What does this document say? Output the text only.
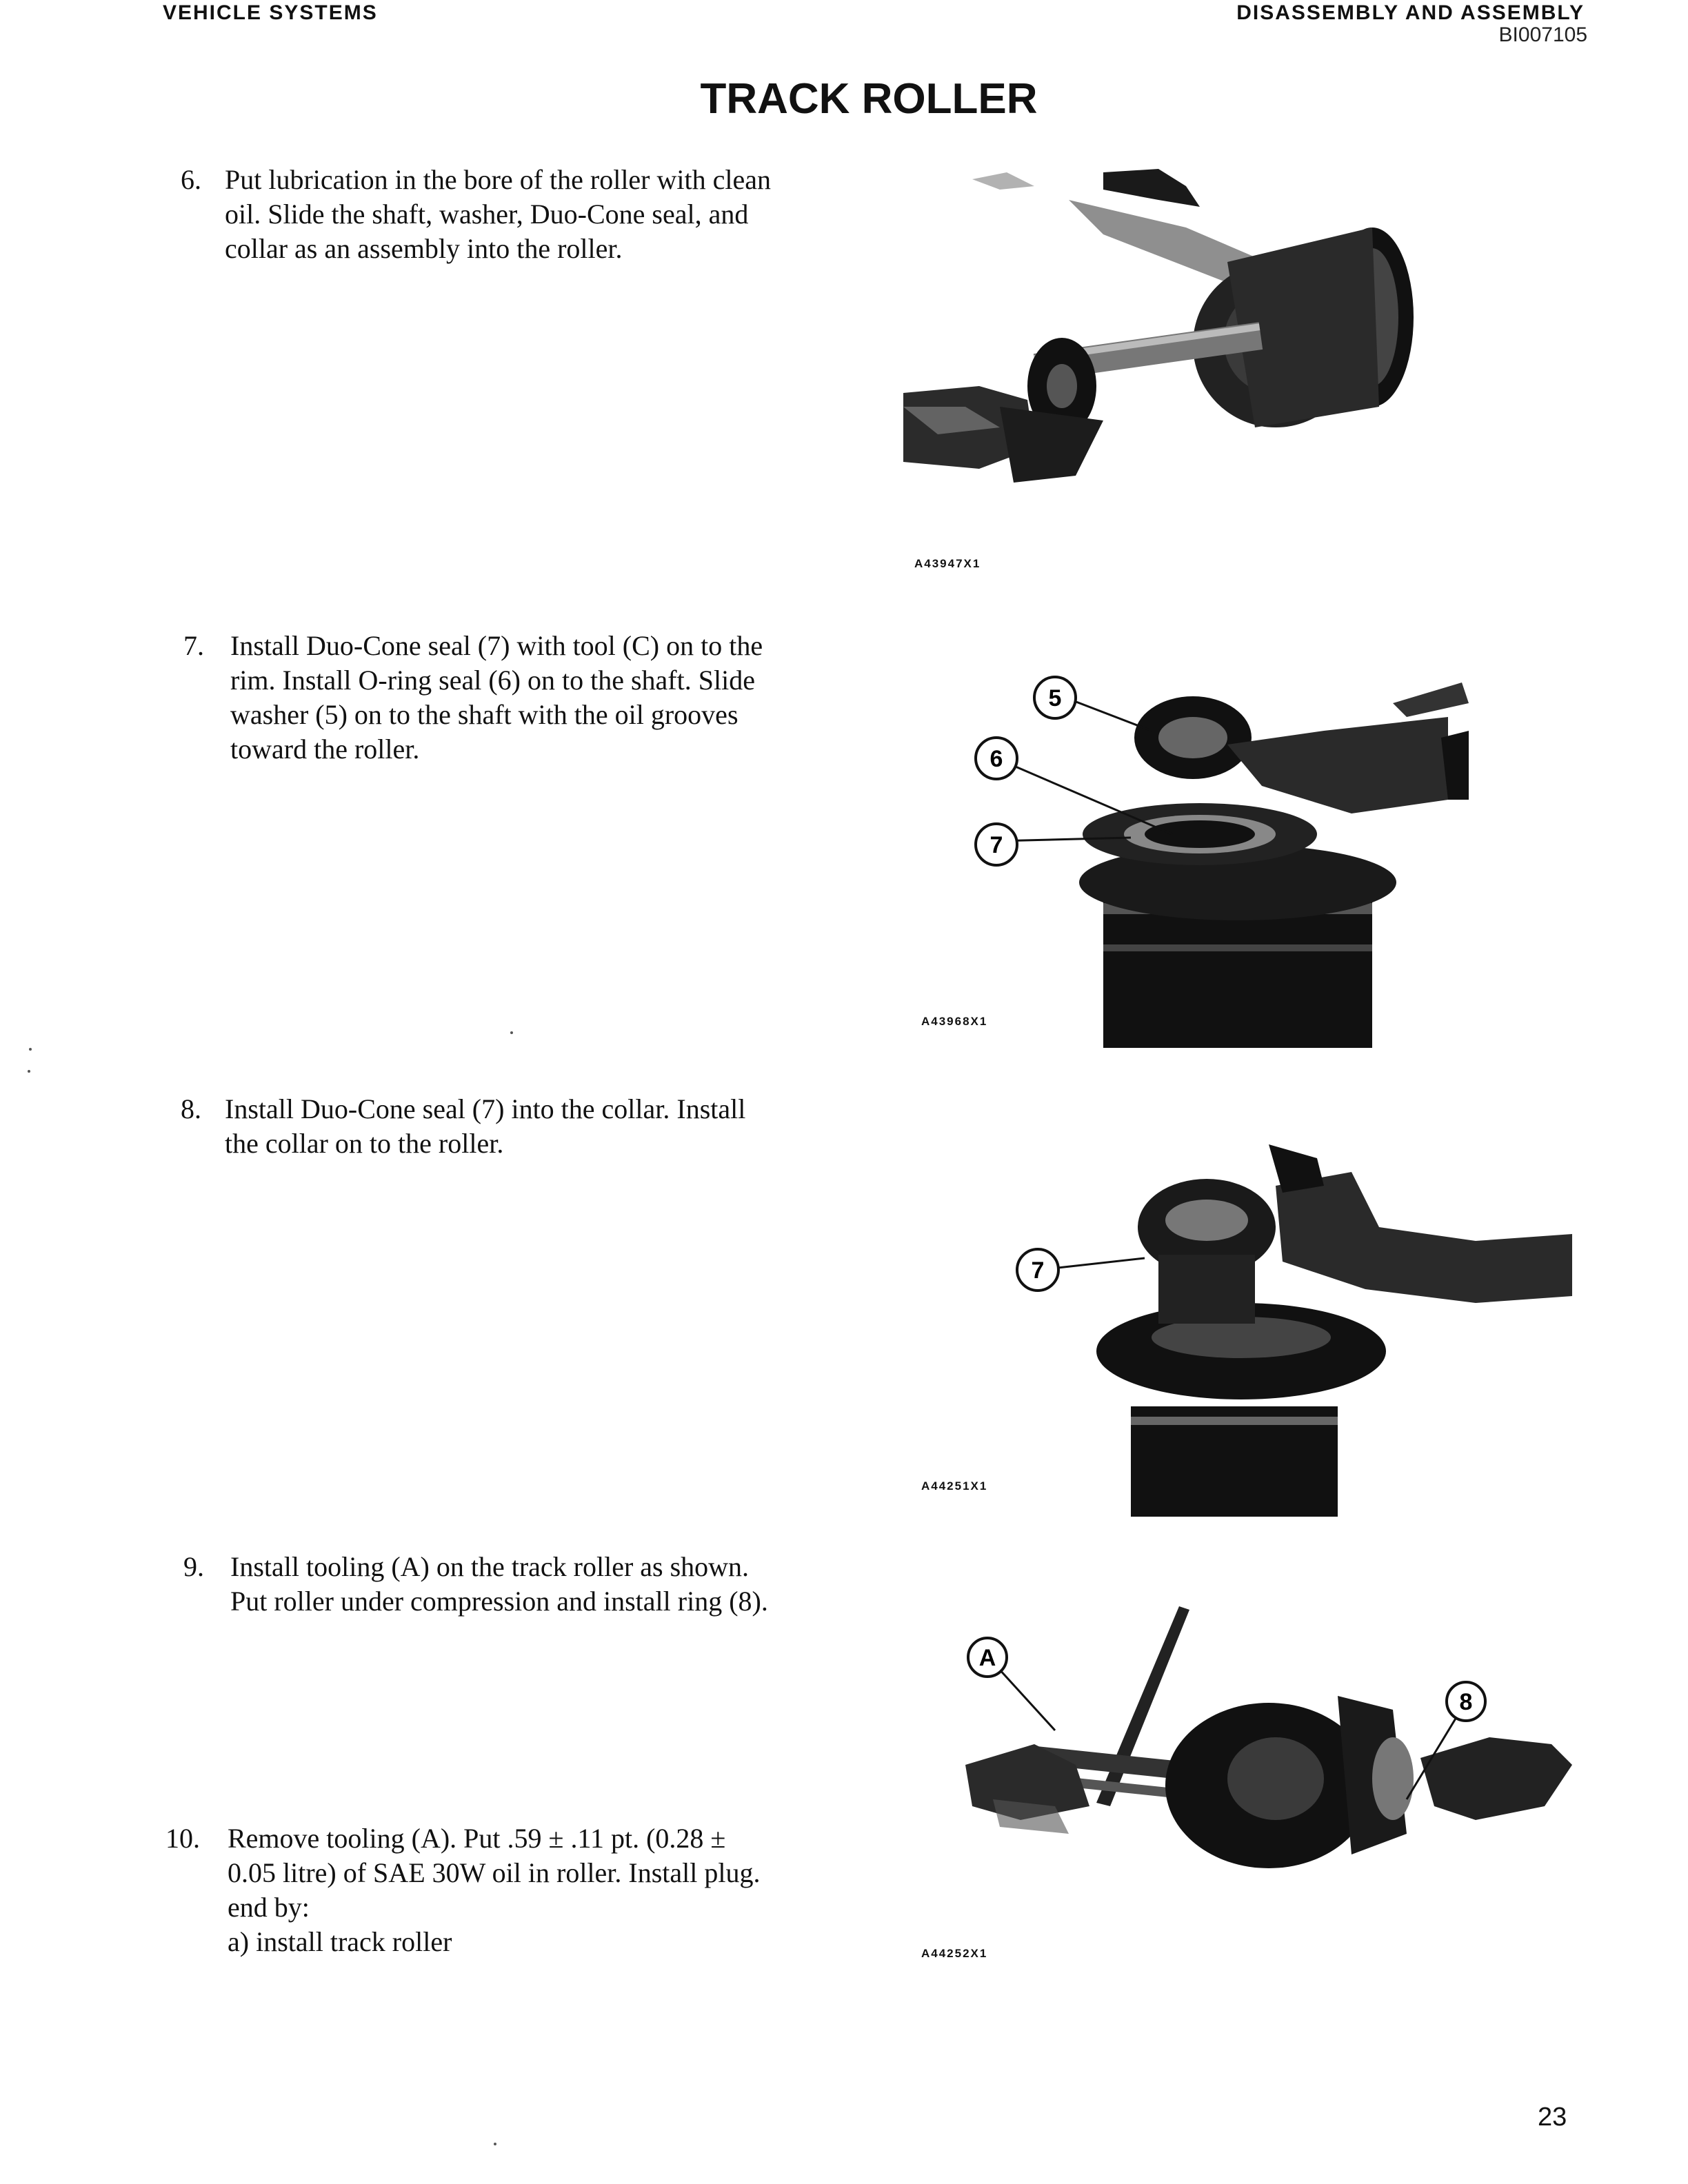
VEHICLE SYSTEMS	DISASSEMBLY AND ASSEMBLY
BI007105
TRACK ROLLER
6. Put lubrication in the bore of the roller with clean
oil. Slide the shaft, washer, Duo-Cone seal, and
collar as an assembly into the roller.
A43947X1
7. Install Duo-Cone seal (7) with tool (C) on to the
rim. Install O-ring seal (6) on to the shaft. Slide
washer (5) on to the shaft with the oil grooves
toward the roller.
5
6
7
A43968X1
8. Install Duo-Cone seal (7) into the collar. Install
the collar on to the roller.
7
A44251X1
9. Install tooling (A) on the track roller as shown.
Put roller under compression and install ring (8).
A
8
A44252X1
10. Remove tooling (A). Put .59 ± .11 pt. (0.28 ±
0.05 litre) of SAE 30W oil in roller. Install plug.
end by:
a) install track roller
23
